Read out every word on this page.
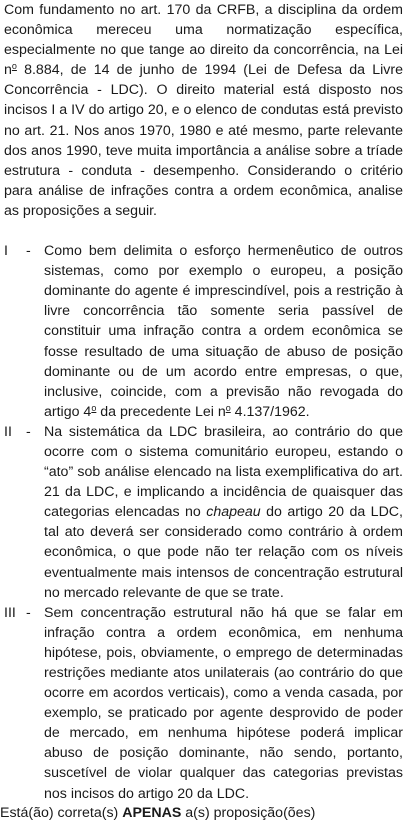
Com fundamento no art. 170 da CRFB, a disciplina da ordem econômica mereceu uma normatização específica, especialmente no que tange ao direito da concorrência, na Lei $n^o$ 8.884, de 14 de junho de 1994 (Lei de Defesa da Livre Concorrência - LDC). O direito material está disposto nos incisos I a IV do artigo 20, e o elenco de condutas está previsto no art. 21. Nos anos 1970, 1980 e até mesmo, parte relevante dos anos 1990, teve muita importância a análise sobre a tríade estrutura - conduta - desempenho. Considerando o critério para análise de infrações contra a ordem econômica, analise as proposições a seguir.

I	- Como bem delimita o esforço hermenêutico de outros sistemas, como por exemplo o europeu, a posição dominante do agente é imprescindível, pois a restrição à livre concorrência tão somente seria passível de constituir uma infração contra a ordem econômica se fosse resultado de uma situação de abuso de posição dominante ou de um acordo entre empresas, o que, inclusive, coincide, com a previsão não revogada do artigo 4$^o$ da precedente Lei $n^o$ 4.137/1962.
II - Na sistemática da LDC brasileira, ao contrário do que ocorre com o sistema comunitário europeu, estando o “ato” sob análise elencado na lista exemplificativa do art. 21 da LDC, e implicando a incidência de quaisquer das categorias elencadas no chapeau do artigo 20 da LDC, tal ato deverá ser considerado como contrário à ordem econômica, o que pode não ter relação com os níveis eventualmente mais intensos de concentração estrutural no mercado relevante de que se trate.
III - Sem concentração estrutural não há que se falar em infração contra a ordem econômica, em nenhuma hipótese, pois, obviamente, o emprego de determinadas restrições mediante atos unilaterais (ao contrário do que ocorre em acordos verticais), como a venda casada, por exemplo, se praticado por agente desprovido de poder de mercado, em nenhuma hipótese poderá implicar abuso de posição dominante, não sendo, portanto, suscetível de violar qualquer das categorias previstas nos incisos do artigo 20 da LDC.
Está(ão) correta(s) APENAS a(s) proposição(ões)
